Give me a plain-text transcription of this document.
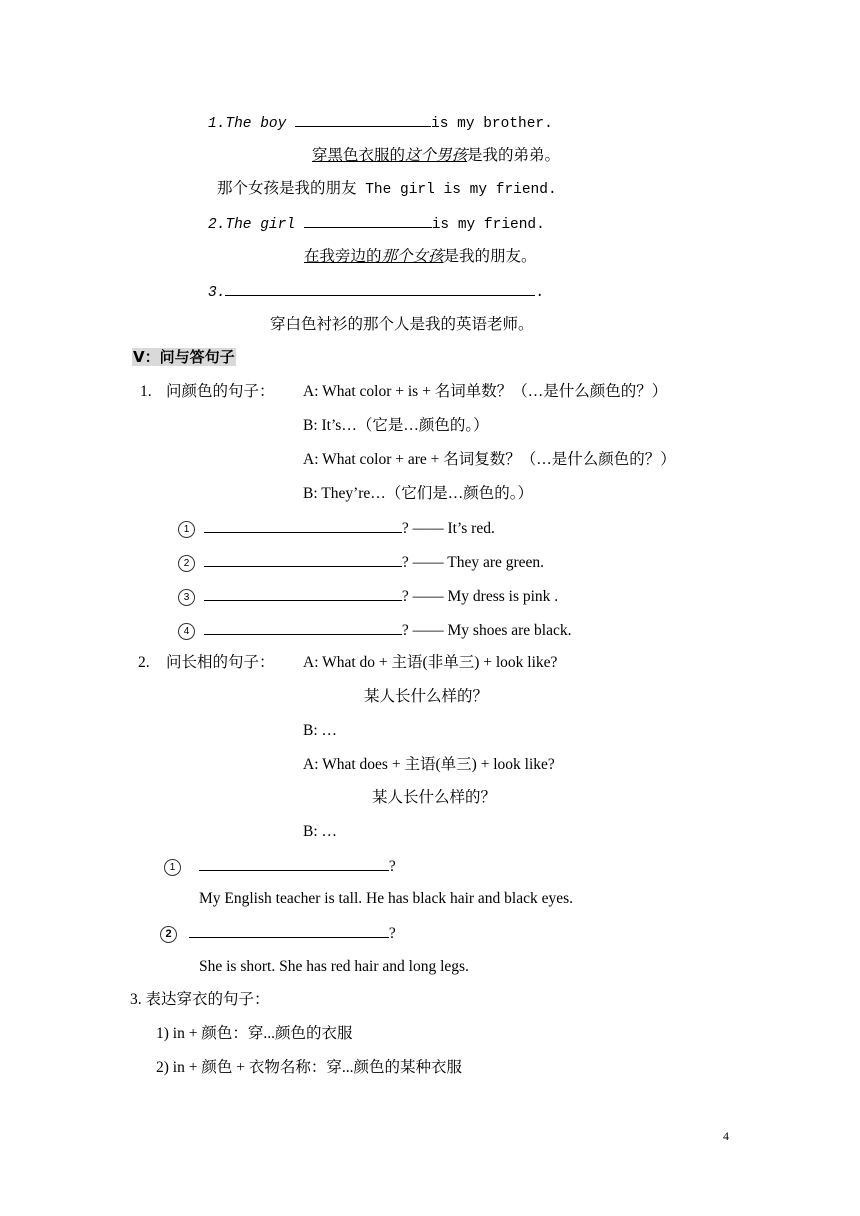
1.The boy	is my brother.
穿黑色衣服的这个男孩是我的弟弟。
那个女孩是我的朋友 The girl is my friend.
2.The girl	is my friend.
在我旁边的那个女孩是我的朋友。
3.	.
穿白色衬衫的那个人是我的英语老师。
Ⅴ：问与答句子
1. 问颜色的句子： A: What color + is + 名词单数？（…是什么颜色的？）
B: It’s…（它是…颜色的。）
A: What color + are + 名词复数？（…是什么颜色的？）
B: They’re…（它们是…颜色的。）
1	? —— It’s red.
2	? —— They are green.
3	? —— My dress is pink .
4	? —— My shoes are black.
2. 问长相的句子： A: What do + 主语(非单三) + look like?
某人长什么样的？
B: …
A: What does + 主语(单三) + look like?
某人长什么样的？
B: …
1	?
My English teacher is tall. He has black hair and black eyes.
2	?
She is short. She has red hair and long legs.
3. 表达穿衣的句子：
1) in + 颜色：穿...颜色的衣服
2) in + 颜色 + 衣物名称：穿...颜色的某种衣服
4
